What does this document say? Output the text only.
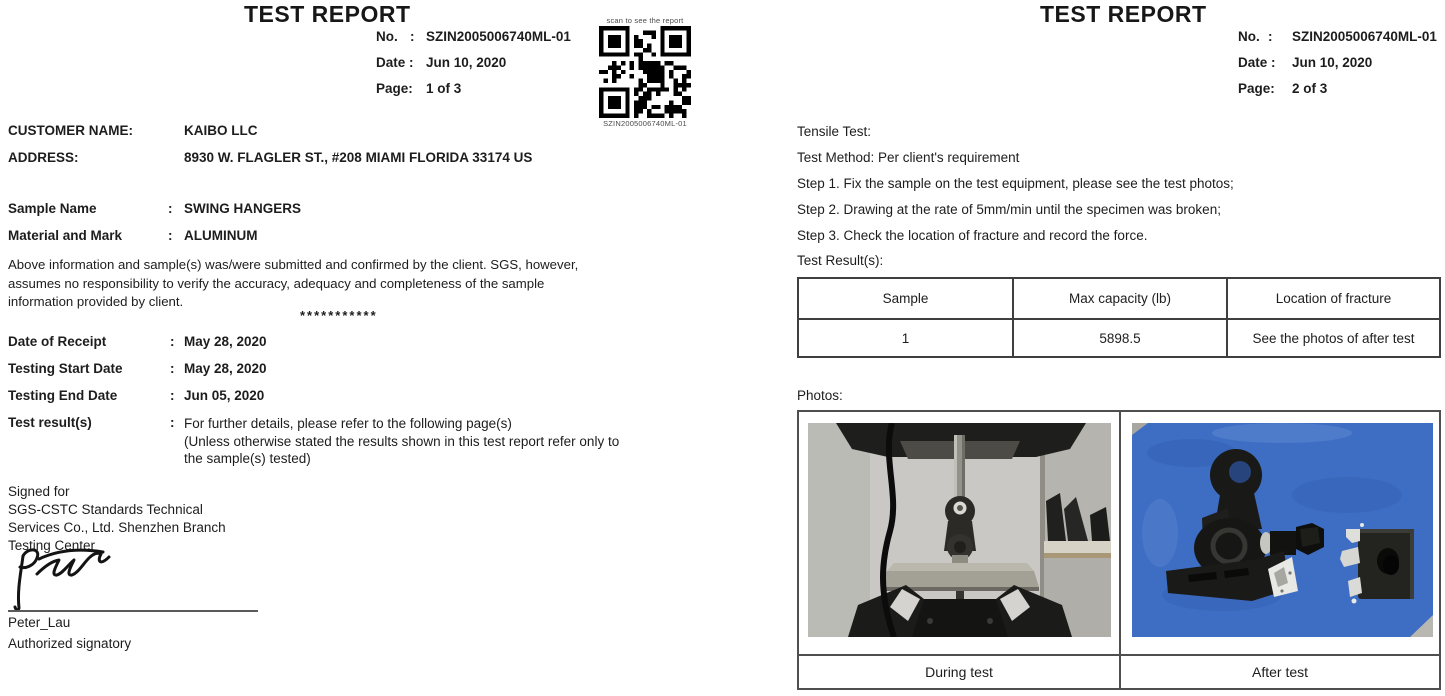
TEST REPORT
No. : SZIN2005006740ML-01
Date : Jun 10, 2020
Page: 1 of 3
scan to see the report
SZIN2005006740ML-01
CUSTOMER NAME:	KAIBO LLC
ADDRESS:	8930 W. FLAGLER ST., #208 MIAMI FLORIDA 33174 US
Sample Name	: SWING HANGERS
Material and Mark	: ALUMINUM
Above information and sample(s) was/were submitted and confirmed by the client. SGS, however,
assumes no responsibility to verify the accuracy, adequacy and completeness of the sample
information provided by client.
***********
Date of Receipt	: May 28, 2020
Testing Start Date	: May 28, 2020
Testing End Date	: Jun 05, 2020
Test result(s)	: For further details, please refer to the following page(s)
(Unless otherwise stated the results shown in this test report refer only to
the sample(s) tested)
Signed for
SGS-CSTC Standards Technical
Services Co., Ltd. Shenzhen Branch
Testing Center
Peter_Lau
Authorized signatory
TEST REPORT
No. : SZIN2005006740ML-01
Date : Jun 10, 2020
Page: 2 of 3
Tensile Test:
Test Method: Per client's requirement
Step 1. Fix the sample on the test equipment, please see the test photos;
Step 2. Drawing at the rate of 5mm/min until the specimen was broken;
Step 3. Check the location of fracture and record the force.
Test Result(s):
Sample	Max capacity (lb)	Location of fracture
1	5898.5	See the photos of after test
Photos:
During test	After test
